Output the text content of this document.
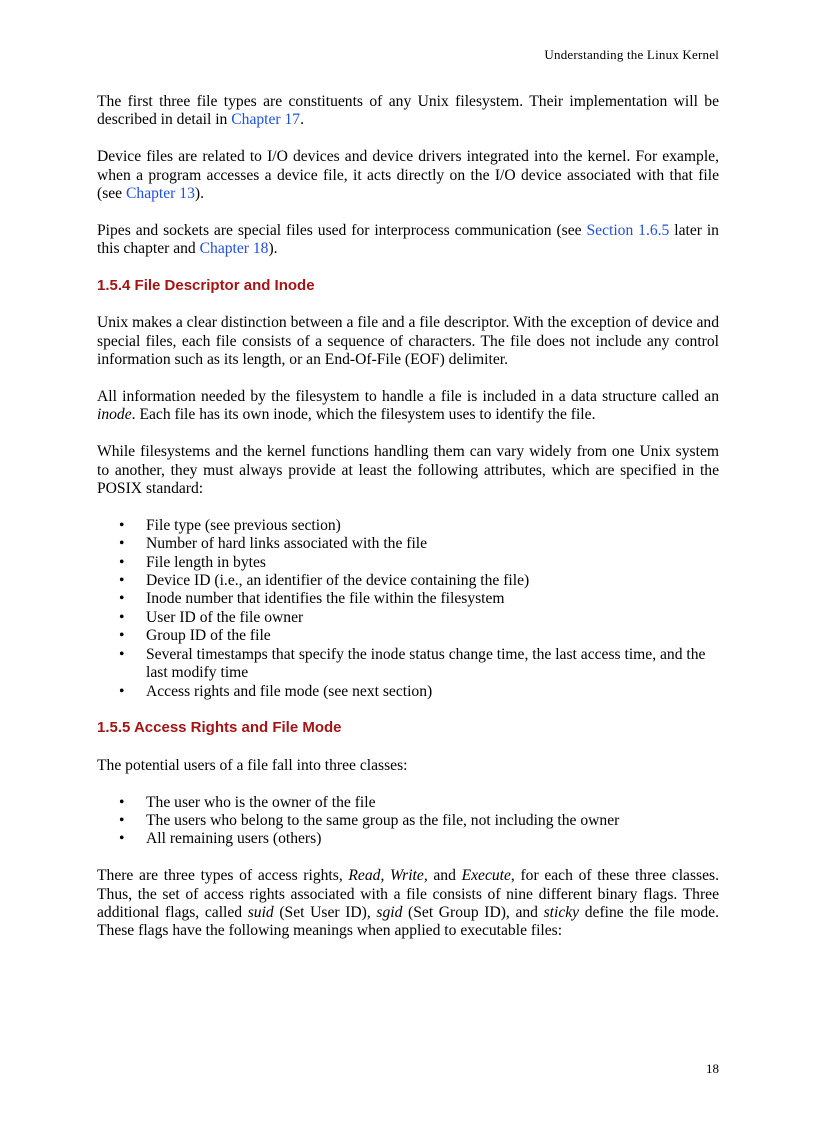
Understanding the Linux Kernel

The first three file types are constituents of any Unix filesystem. Their implementation will be described in detail in Chapter 17.

Device files are related to I/O devices and device drivers integrated into the kernel. For example, when a program accesses a device file, it acts directly on the I/O device associated with that file (see Chapter 13).

Pipes and sockets are special files used for interprocess communication (see Section 1.6.5 later in this chapter and Chapter 18).

1.5.4 File Descriptor and Inode

Unix makes a clear distinction between a file and a file descriptor. With the exception of device and special files, each file consists of a sequence of characters. The file does not include any control information such as its length, or an End-Of-File (EOF) delimiter.

All information needed by the filesystem to handle a file is included in a data structure called an inode. Each file has its own inode, which the filesystem uses to identify the file.

While filesystems and the kernel functions handling them can vary widely from one Unix system to another, they must always provide at least the following attributes, which are specified in the POSIX standard:

• File type (see previous section)
• Number of hard links associated with the file
• File length in bytes
• Device ID (i.e., an identifier of the device containing the file)
• Inode number that identifies the file within the filesystem
• User ID of the file owner
• Group ID of the file
• Several timestamps that specify the inode status change time, the last access time, and the last modify time
• Access rights and file mode (see next section)
1.5.5 Access Rights and File Mode

The potential users of a file fall into three classes:

• The user who is the owner of the file
• The users who belong to the same group as the file, not including the owner
• All remaining users (others)

There are three types of access rights, Read, Write, and Execute, for each of these three classes. Thus, the set of access rights associated with a file consists of nine different binary flags. Three additional flags, called suid (Set User ID), sgid (Set Group ID), and sticky define the file mode. These flags have the following meanings when applied to executable files:

18
